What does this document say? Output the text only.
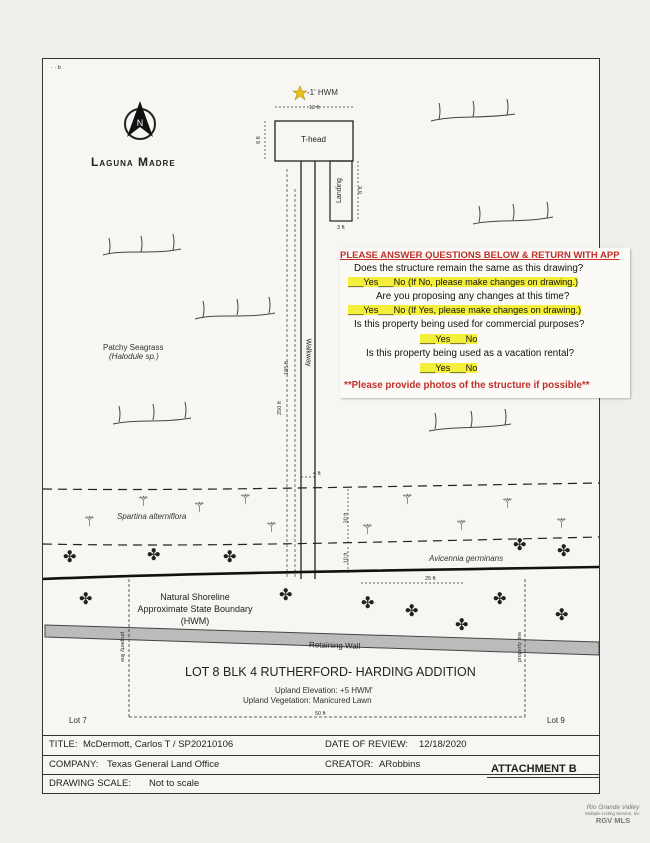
· · b
N
Laguna Madre
-1' HWM
12 ft
6 ft	T-head
Landing	8 ft
3 ft
Walkway
185 ft
250 ft
4 ft
30 ft
10 ft
25 ft
50 ft
Patchy Seagrass
(Halodule sp.)
Spartina alterniflora
Avicennia germinans
⚚
⚚	⚚ ⚚
⚚	⚚
⚚
⚚
⚚
⚚
✤	✤	✤
✤ ✤
✤	✤	✤ ✤
✤
✤
✤
Natural Shoreline
Approximate State Boundary
(HWM)
Retaining Wall
property line	property line
LOT 8 BLK 4 RUTHERFORD- HARDING ADDITION
Upland Elevation: +5 HWM'
Upland Vegetation: Manicured Lawn
Lot 7	Lot 9
TITLE: McDermott, Carlos T / SP20210106	DATE OF REVIEW: 12/18/2020
COMPANY: Texas General Land Office	CREATOR: ARobbins
DRAWING SCALE: Not to scale
ATTACHMENT B
PLEASE ANSWER QUESTIONS BELOW & RETURN WITH APP
Does the structure remain the same as this drawing?
___Yes___No (If No, please make changes on drawing.)
Are you proposing any changes at this time?
___Yes___No (If Yes, please make changes on drawing.)
Is this property being used for commercial purposes?
___Yes___No
Is this property being used as a vacation rental?
___Yes___No
**Please provide photos of the structure if possible**
Rio Grande Valley
Multiple Listing Service, Inc.
RGV MLS
